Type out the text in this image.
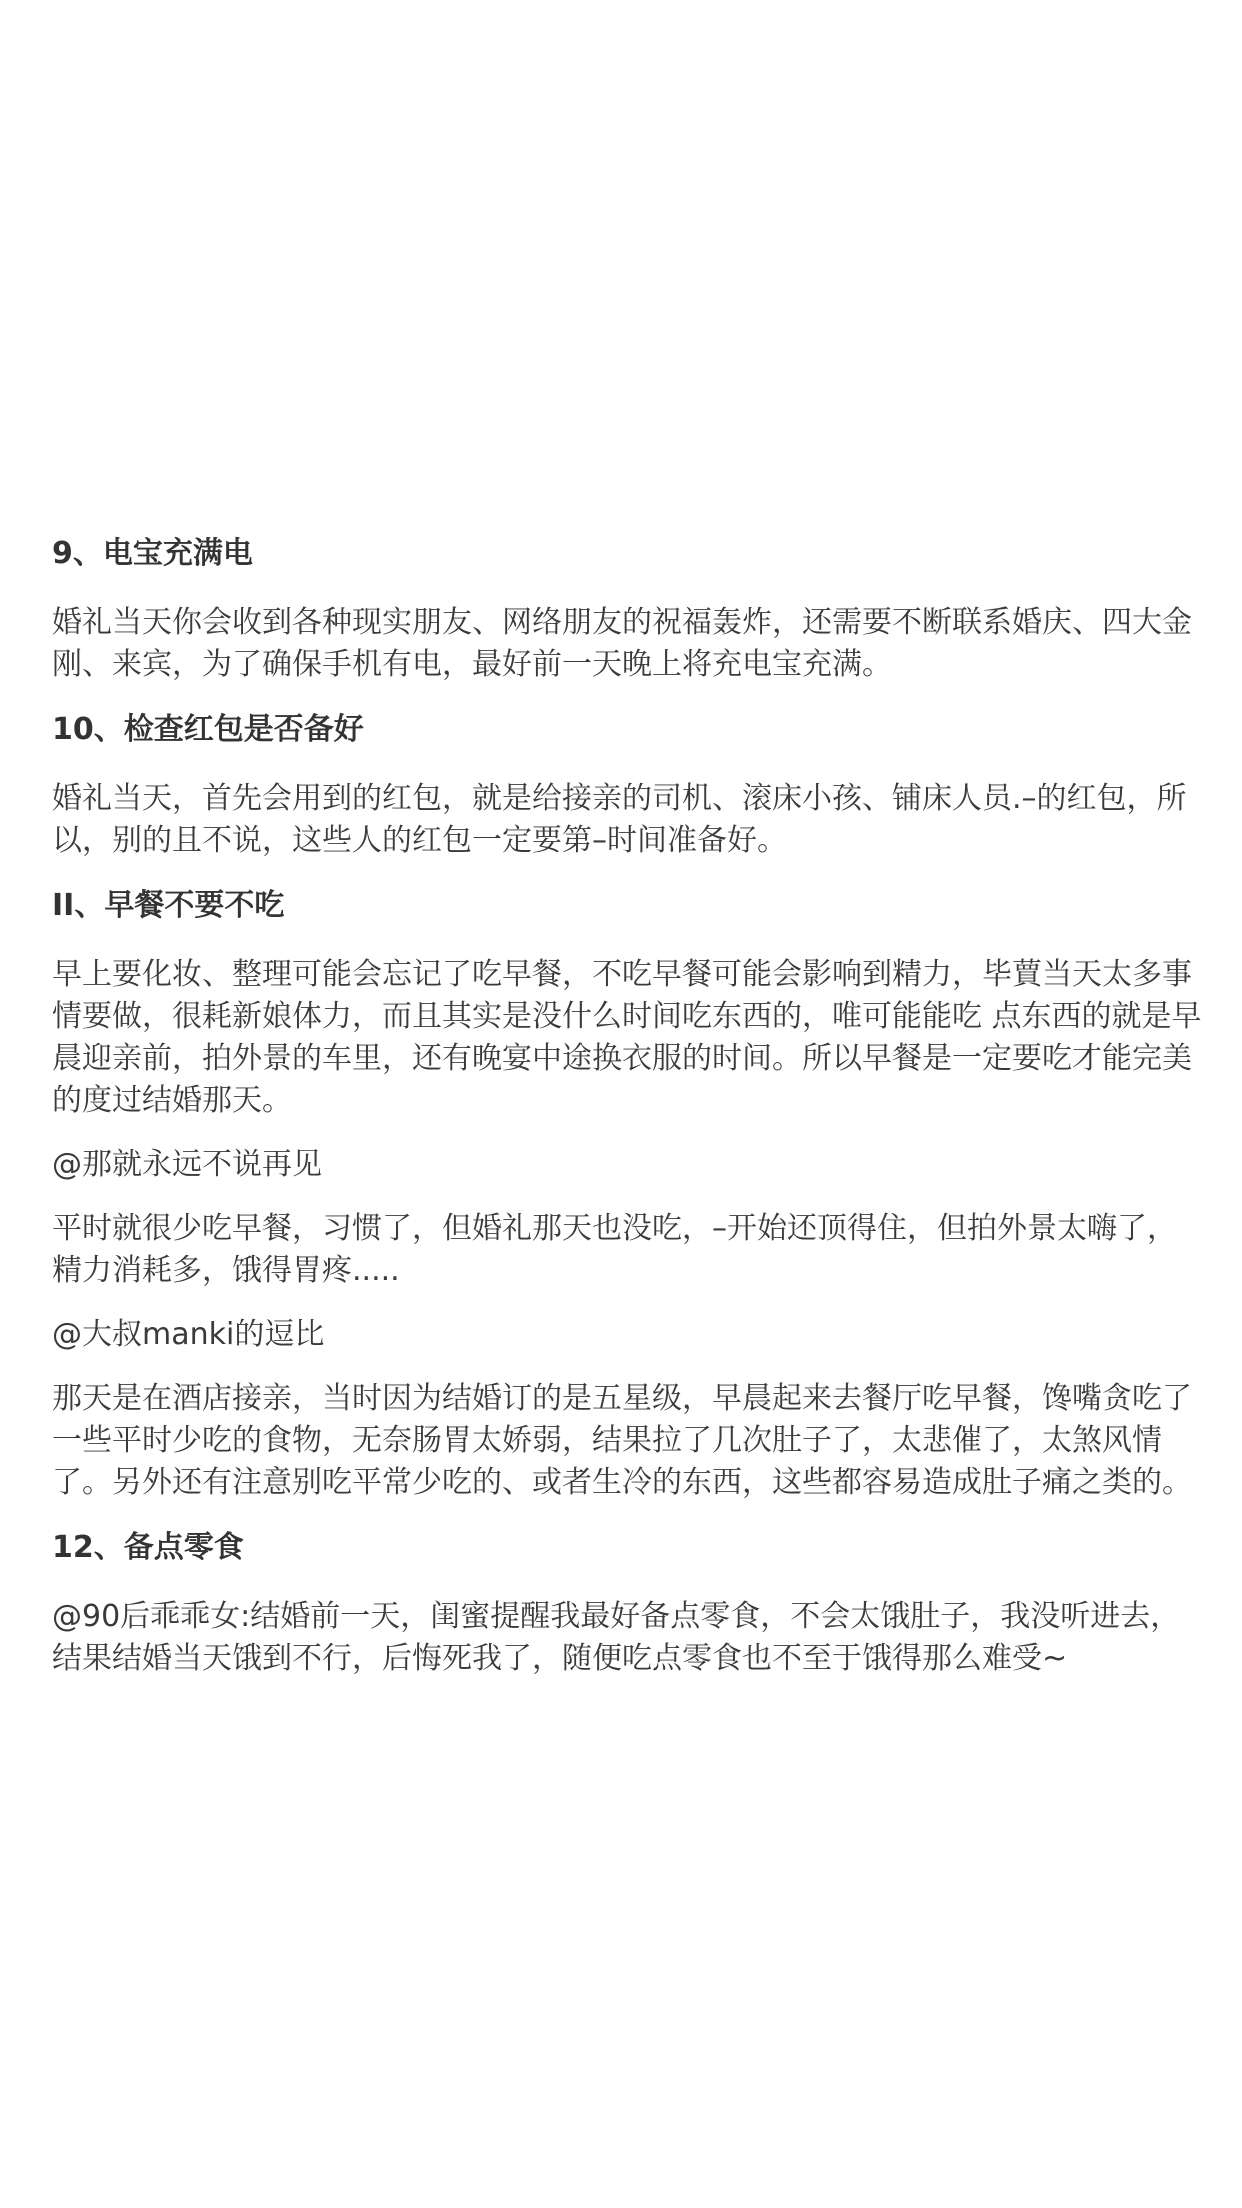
9、电宝充满电

婚礼当天你会收到各种现实朋友、网络朋友的祝福轰炸，还需要不断联系婚庆、四大金刚、来宾，为了确保手机有电，最好前一天晚上将充电宝充满。

10、检查红包是否备好

婚礼当天，首先会用到的红包，就是给接亲的司机、滚床小孩、铺床人员.–的红包，所以，别的且不说，这些人的红包一定要第–时间准备好。

II、早餐不要不吃

早上要化妆、整理可能会忘记了吃早餐，不吃早餐可能会影响到精力，毕蕒当天太多事情要做，很耗新娘体力，而且其实是没什么时间吃东西的，唯可能能吃 点东西的就是早晨迎亲前，拍外景的车里，还有晚宴中途换衣服的时间。所以早餐是一定要吃才能完美的度过结婚那天。

@那就永远不说再见

平时就很少吃早餐，习惯了，但婚礼那天也没吃，–开始还顶得住，但拍外景太嗨了，精力消耗多，饿得胃疼.....

@大叔manki的逗比

那天是在酒店接亲，当时因为结婚订的是五星级，早晨起来去餐厅吃早餐，馋嘴贪吃了一些平时少吃的食物，无奈肠胃太娇弱，结果拉了几次肚子了，太悲催了，太煞风情了。另外还有注意别吃平常少吃的、或者生冷的东西，这些都容易造成肚子痛之类的。

12、备点零食

@90后乖乖女:结婚前一天，闺蜜提醒我最好备点零食，不会太饿肚子，我没听进去，结果结婚当天饿到不行，后悔死我了，随便吃点零食也不至于饿得那么难受~
